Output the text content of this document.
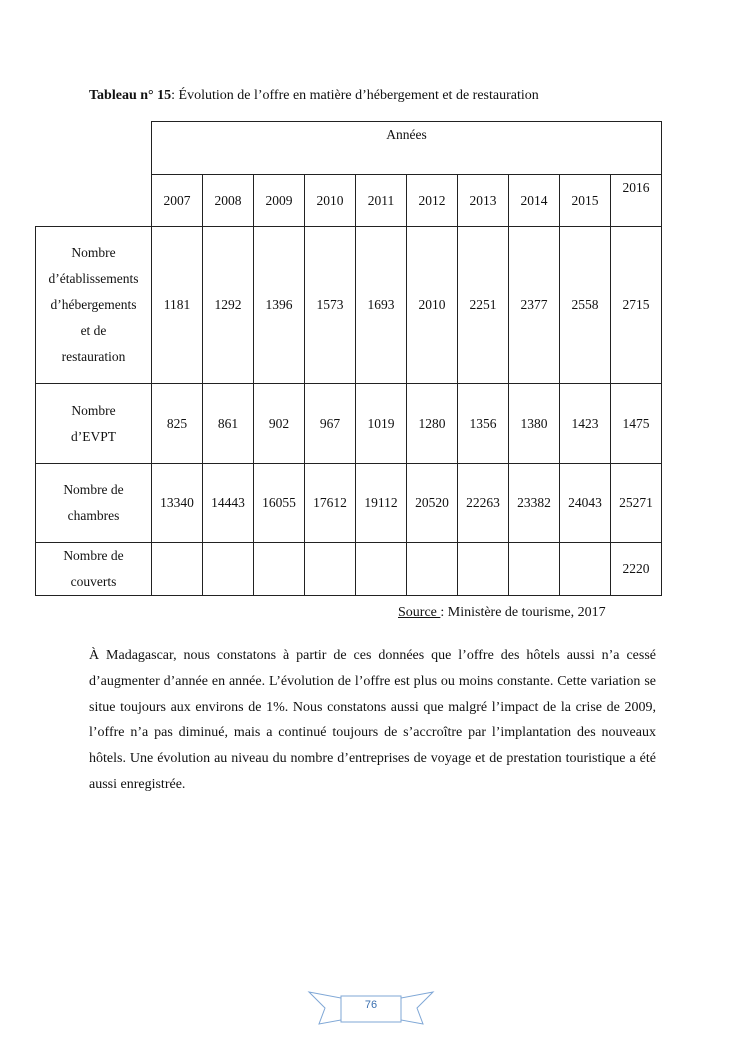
Tableau n° 15: Évolution de l’offre en matière d’hébergement et de restauration
	Années									
	2007	2008	2009	2010	2011	2012	2013	2014	2015	2016
Nombre
d’établissements
d’hébergements
et de
restauration	1181	1292	1396	1573	1693	2010	2251	2377	2558	2715
Nombre
d’EVPT	825	861	902	967	1019	1280	1356	1380	1423	1475
Nombre de
chambres	13340	14443	16055	17612	19112	20520	22263	23382	24043	25271
Nombre de
couverts										2220
Source : Ministère de tourisme, 2017

À Madagascar, nous constatons à partir de ces données que l’offre des hôtels aussi n’a cessé d’augmenter d’année en année. L’évolution de l’offre est plus ou moins constante. Cette variation se situe toujours aux environs de 1%. Nous constatons aussi que malgré l’impact de la crise de 2009, l’offre n’a pas diminué, mais a continué toujours de s’accroître par l’implantation des nouveaux hôtels. Une évolution au niveau du nombre d’entreprises de voyage et de prestation touristique a été aussi enregistrée.

76
